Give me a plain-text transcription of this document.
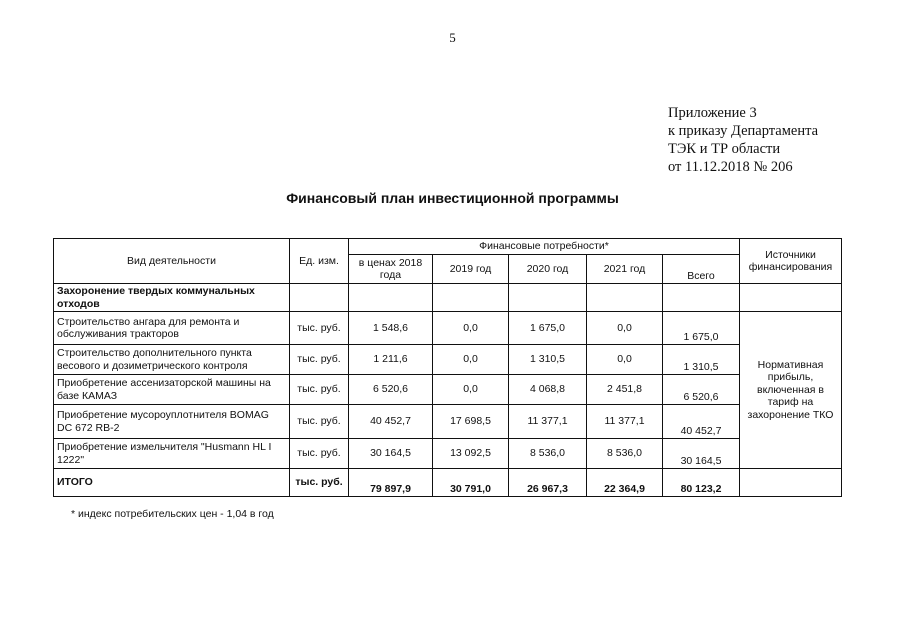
5
Приложение 3
к приказу Департамента
ТЭК и ТР области
от 11.12.2018 № 206
Финансовый план инвестиционной программы
Вид деятельности	Ед. изм.	Финансовые потребности*					Источники финансирования
		в ценах 2018 года	2019 год	2020 год	2021 год	Всего	
Захоронение твердых коммунальных отходов							
Строительство ангара для ремонта и обслуживания тракторов	тыс. руб.	1 548,6	0,0	1 675,0	0,0	1 675,0	Нормативная прибыль, включенная в тариф на захоронение ТКО
Строительство дополнительного пункта весового и дозиметрического контроля	тыс. руб.	1 211,6	0,0	1 310,5	0,0	1 310,5	
Приобретение ассенизаторской машины на базе КАМАЗ	тыс. руб.	6 520,6	0,0	4 068,8	2 451,8	6 520,6	
Приобретение мусороуплотнителя BOMAG DC 672 RB-2	тыс. руб.	40 452,7	17 698,5	11 377,1	11 377,1	40 452,7	
Приобретение измельчителя "Husmann HL I 1222"	тыс. руб.	30 164,5	13 092,5	8 536,0	8 536,0	30 164,5	
ИТОГО	тыс. руб.	79 897,9	30 791,0	26 967,3	22 364,9	80 123,2	
* индекс потребительских цен - 1,04 в год
